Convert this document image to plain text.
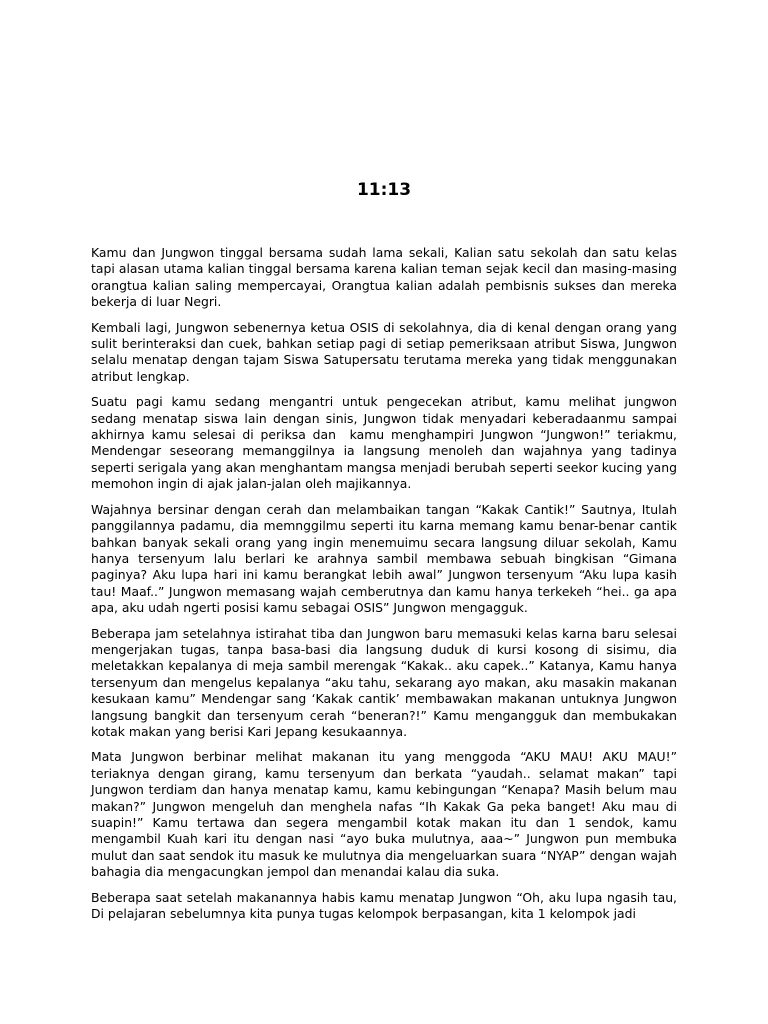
11:13

Kamu dan Jungwon tinggal bersama sudah lama sekali, Kalian satu sekolah dan satu kelas tapi alasan utama kalian tinggal bersama karena kalian teman sejak kecil dan masing-masing orangtua kalian saling mempercayai, Orangtua kalian adalah pembisnis sukses dan mereka bekerja di luar Negri.

Kembali lagi, Jungwon sebenernya ketua OSIS di sekolahnya, dia di kenal dengan orang yang sulit berinteraksi dan cuek, bahkan setiap pagi di setiap pemeriksaan atribut Siswa, Jungwon selalu menatap dengan tajam Siswa Satupersatu terutama mereka yang tidak menggunakan atribut lengkap.

Suatu pagi kamu sedang mengantri untuk pengecekan atribut, kamu melihat jungwon sedang menatap siswa lain dengan sinis, Jungwon tidak menyadari keberadaanmu sampai akhirnya kamu selesai di periksa dan  kamu menghampiri Jungwon “Jungwon!” teriakmu, Mendengar seseorang memanggilnya ia langsung menoleh dan wajahnya yang tadinya seperti serigala yang akan menghantam mangsa menjadi berubah seperti seekor kucing yang memohon ingin di ajak jalan-jalan oleh majikannya.

Wajahnya bersinar dengan cerah dan melambaikan tangan “Kakak Cantik!” Sautnya, Itulah panggilannya padamu, dia memnggilmu seperti itu karna memang kamu benar-benar cantik bahkan banyak sekali orang yang ingin menemuimu secara langsung diluar sekolah, Kamu hanya tersenyum lalu berlari ke arahnya sambil membawa sebuah bingkisan “Gimana paginya? Aku lupa hari ini kamu berangkat lebih awal” Jungwon tersenyum “Aku lupa kasih tau! Maaf..” Jungwon memasang wajah cemberutnya dan kamu hanya terkekeh “hei.. ga apa apa, aku udah ngerti posisi kamu sebagai OSIS” Jungwon mengagguk.

Beberapa jam setelahnya istirahat tiba dan Jungwon baru memasuki kelas karna baru selesai mengerjakan tugas, tanpa basa-basi dia langsung duduk di kursi kosong di sisimu, dia meletakkan kepalanya di meja sambil merengak “Kakak.. aku capek..” Katanya, Kamu hanya tersenyum dan mengelus kepalanya “aku tahu, sekarang ayo makan, aku masakin makanan kesukaan kamu” Mendengar sang ‘Kakak cantik’ membawakan makanan untuknya Jungwon langsung bangkit dan tersenyum cerah “beneran?!” Kamu mengangguk dan membukakan kotak makan yang berisi Kari Jepang kesukaannya.

Mata Jungwon berbinar melihat makanan itu yang menggoda “AKU MAU! AKU MAU!” teriaknya dengan girang, kamu tersenyum dan berkata “yaudah.. selamat makan” tapi Jungwon terdiam dan hanya menatap kamu, kamu kebingungan “Kenapa? Masih belum mau makan?” Jungwon mengeluh dan menghela nafas “Ih Kakak Ga peka banget! Aku mau di suapin!” Kamu tertawa dan segera mengambil kotak makan itu dan 1 sendok, kamu mengambil Kuah kari itu dengan nasi “ayo buka mulutnya, aaa~” Jungwon pun membuka mulut dan saat sendok itu masuk ke mulutnya dia mengeluarkan suara “NYAP” dengan wajah bahagia dia mengacungkan jempol dan menandai kalau dia suka.

Beberapa saat setelah makanannya habis kamu menatap Jungwon “Oh, aku lupa ngasih tau, Di pelajaran sebelumnya kita punya tugas kelompok berpasangan, kita 1 kelompok jadi
